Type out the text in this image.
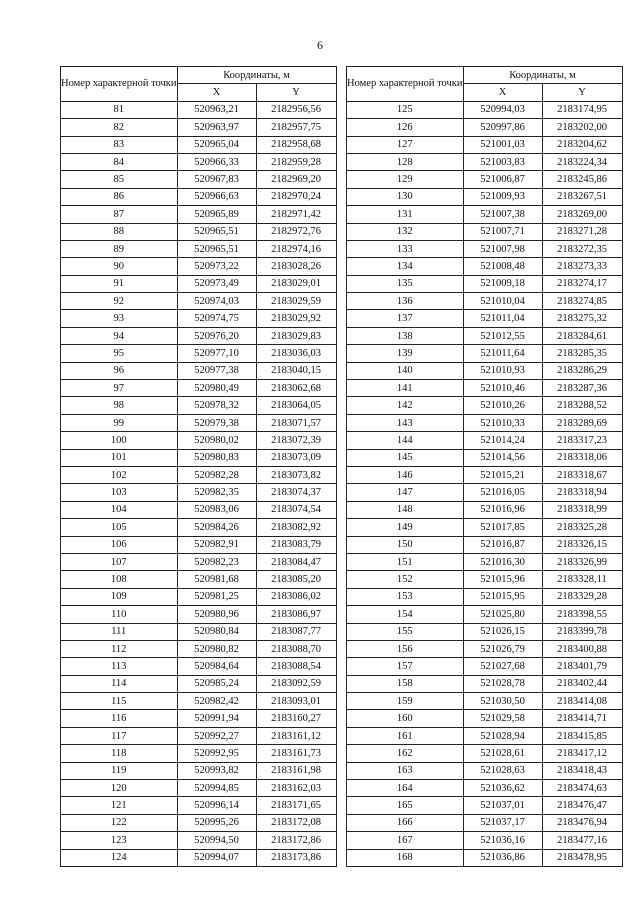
6
Номер характерной точки	Координаты, м	
	X	Y
81	520963,21	2182956,56
82	520963,97	2182957,75
83	520965,04	2182958,68
84	520966,33	2182959,28
85	520967,83	2182969,20
86	520966,63	2182970,24
87	520965,89	2182971,42
88	520965,51	2182972,76
89	520965,51	2182974,16
90	520973,22	2183028,26
91	520973,49	2183029,01
92	520974,03	2183029,59
93	520974,75	2183029,92
94	520976,20	2183029,83
95	520977,10	2183036,03
96	520977,38	2183040,15
97	520980,49	2183062,68
98	520978,32	2183064,05
99	520979,38	2183071,57
100	520980,02	2183072,39
101	520980,83	2183073,09
102	520982,28	2183073,82
103	520982,35	2183074,37
104	520983,06	2183074,54
105	520984,26	2183082,92
106	520982,91	2183083,79
107	520982,23	2183084,47
108	520981,68	2183085,20
109	520981,25	2183086,02
110	520980,96	2183086,97
111	520980,84	2183087,77
112	520980,82	2183088,70
113	520984,64	2183088,54
114	520985,24	2183092,59
115	520982,42	2183093,01
116	520991,94	2183160,27
117	520992,27	2183161,12
118	520992,95	2183161,73
119	520993,82	2183161,98
120	520994,85	2183162,03
121	520996,14	2183171,65
122	520995,26	2183172,08
123	520994,50	2183172,86
124	520994,07	2183173,86
Номер характерной точки	Координаты, м	
	X	Y
125	520994,03	2183174,95
126	520997,86	2183202,00
127	521001,03	2183204,62
128	521003,83	2183224,34
129	521006,87	2183245,86
130	521009,93	2183267,51
131	521007,38	2183269,00
132	521007,71	2183271,28
133	521007,98	2183272,35
134	521008,48	2183273,33
135	521009,18	2183274,17
136	521010,04	2183274,85
137	521011,04	2183275,32
138	521012,55	2183284,61
139	521011,64	2183285,35
140	521010,93	2183286,29
141	521010,46	2183287,36
142	521010,26	2183288,52
143	521010,33	2183289,69
144	521014,24	2183317,23
145	521014,56	2183318,06
146	521015,21	2183318,67
147	521016,05	2183318,94
148	521016,96	2183318,99
149	521017,85	2183325,28
150	521016,87	2183326,15
151	521016,30	2183326,99
152	521015,96	2183328,11
153	521015,95	2183329,28
154	521025,80	2183398,55
155	521026,15	2183399,78
156	521026,79	2183400,88
157	521027,68	2183401,79
158	521028,78	2183402,44
159	521030,50	2183414,08
160	521029,58	2183414,71
161	521028,94	2183415,85
162	521028,61	2183417,12
163	521028,63	2183418,43
164	521036,62	2183474,63
165	521037,01	2183476,47
166	521037,17	2183476,94
167	521036,16	2183477,16
168	521036,86	2183478,95
